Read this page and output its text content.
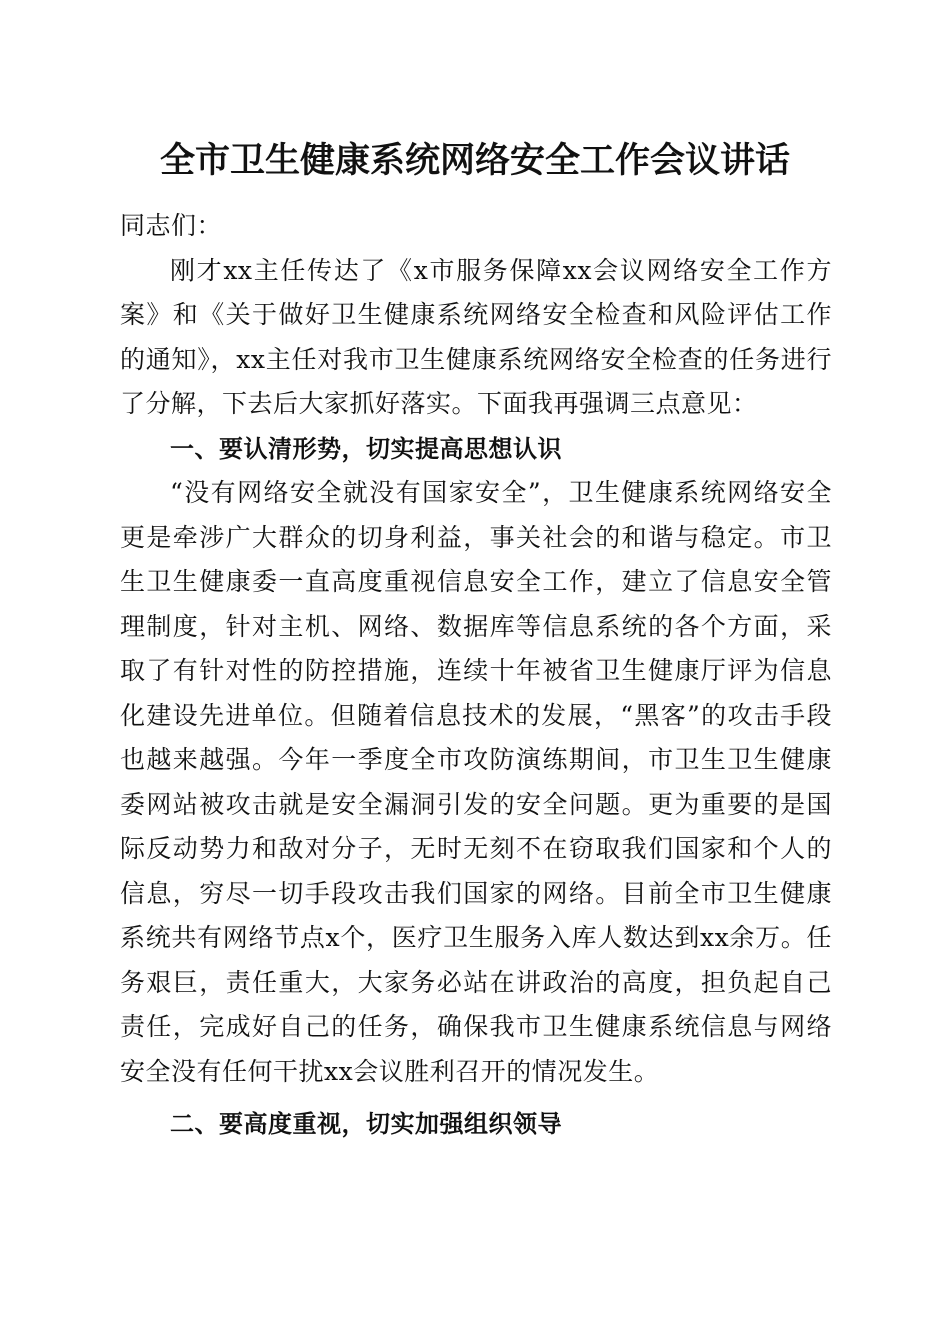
全市卫生健康系统网络安全工作会议讲话

同志们：

刚才xx主任传达了《x市服务保障xx会议网络安全工作方案》和《关于做好卫生健康系统网络安全检查和风险评估工作的通知》，xx主任对我市卫生健康系统网络安全检查的任务进行了分解，下去后大家抓好落实。下面我再强调三点意见：

一、要认清形势，切实提高思想认识

“没有网络安全就没有国家安全”，卫生健康系统网络安全更是牵涉广大群众的切身利益，事关社会的和谐与稳定。市卫生卫生健康委一直高度重视信息安全工作，建立了信息安全管理制度，针对主机、网络、数据库等信息系统的各个方面，采取了有针对性的防控措施，连续十年被省卫生健康厅评为信息化建设先进单位。但随着信息技术的发展，“黑客”的攻击手段也越来越强。今年一季度全市攻防演练期间，市卫生卫生健康委网站被攻击就是安全漏洞引发的安全问题。更为重要的是国际反动势力和敌对分子，无时无刻不在窃取我们国家和个人的信息，穷尽一切手段攻击我们国家的网络。目前全市卫生健康系统共有网络节点x个，医疗卫生服务入库人数达到xx余万。任务艰巨，责任重大，大家务必站在讲政治的高度，担负起自己责任，完成好自己的任务，确保我市卫生健康系统信息与网络安全没有任何干扰xx会议胜利召开的情况发生。

二、要高度重视，切实加强组织领导
